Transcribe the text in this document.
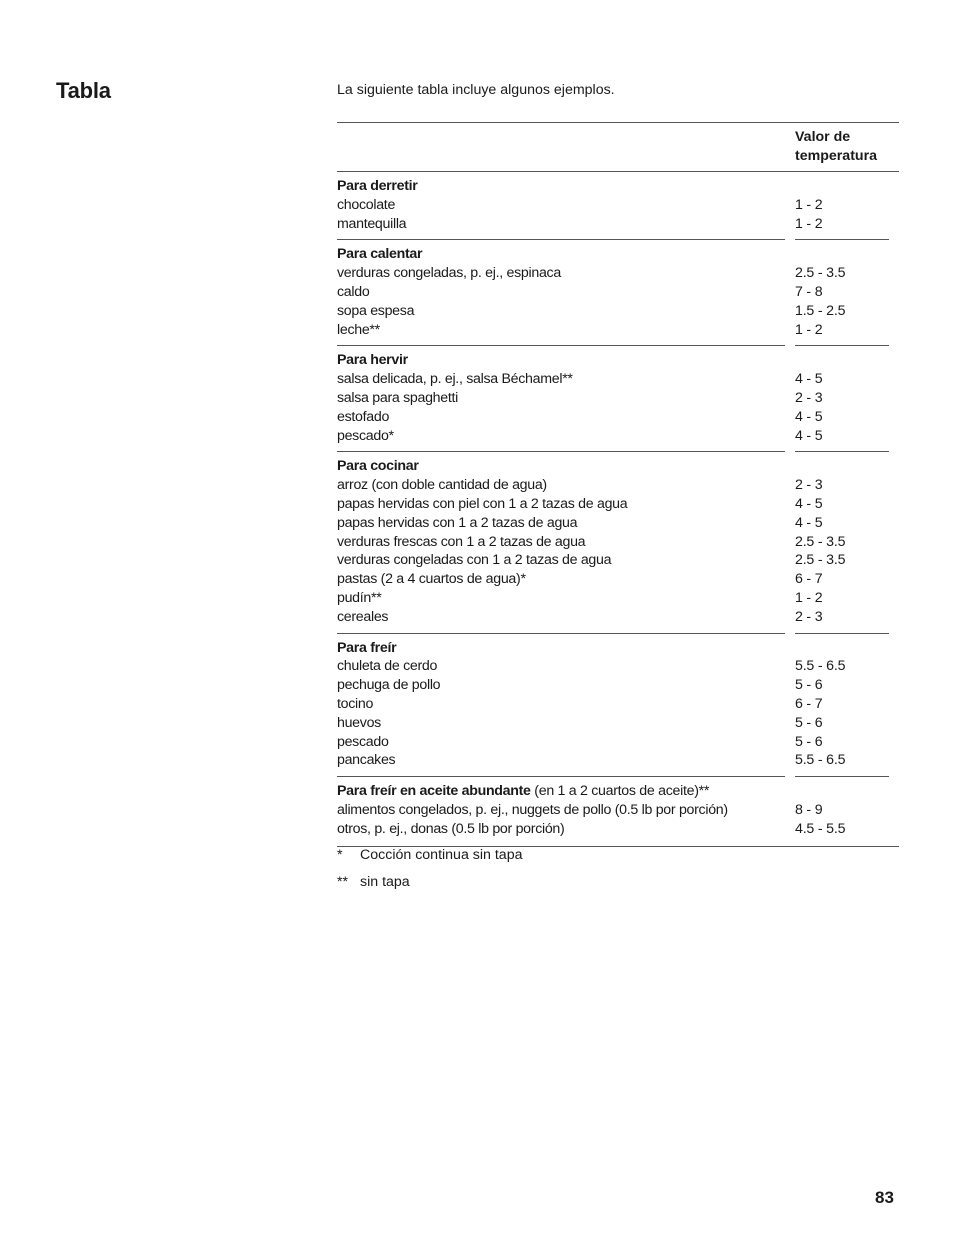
Tabla	La siguiente tabla incluye algunos ejemplos.

Valor de temperatura
Para derretir
chocolate	1 - 2
mantequilla	1 - 2
Para calentar
verduras congeladas, p. ej., espinaca	2.5 - 3.5
caldo	7 - 8
sopa espesa	1.5 - 2.5
leche**	1 - 2
Para hervir
salsa delicada, p. ej., salsa Béchamel**	4 - 5
salsa para spaghetti	2 - 3
estofado	4 - 5
pescado*	4 - 5
Para cocinar
arroz (con doble cantidad de agua)	2 - 3
papas hervidas con piel con 1 a 2 tazas de agua	4 - 5
papas hervidas con 1 a 2 tazas de agua	4 - 5
verduras frescas con 1 a 2 tazas de agua	2.5 - 3.5
verduras congeladas con 1 a 2 tazas de agua	2.5 - 3.5
pastas (2 a 4 cuartos de agua)*	6 - 7
pudín**	1 - 2
cereales	2 - 3
Para freír
chuleta de cerdo	5.5 - 6.5
pechuga de pollo	5 - 6
tocino	6 - 7
huevos	5 - 6
pescado	5 - 6
pancakes	5.5 - 6.5
Para freír en aceite abundante (en 1 a 2 cuartos de aceite)**
alimentos congelados, p. ej., nuggets de pollo (0.5 lb por porción)	8 - 9
otros, p. ej., donas (0.5 lb por porción)	4.5 - 5.5
*	Cocción continua sin tapa
** sin tapa
83
